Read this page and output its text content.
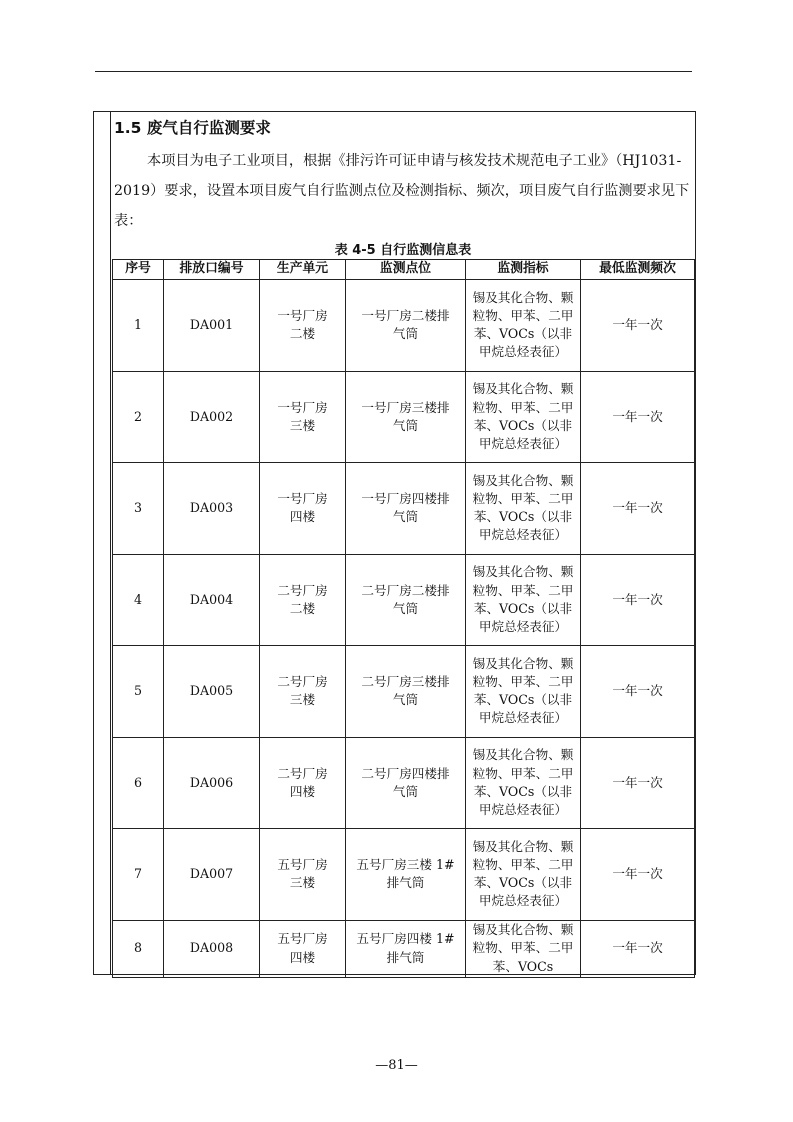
1.5 废气自行监测要求
本项目为电子工业项目，根据《排污许可证申请与核发技术规范电子工业》（HJ1031-2019）要求，设置本项目废气自行监测点位及检测指标、频次，项目废气自行监测要求见下表：
表 4-5 自行监测信息表
序号	排放口编号	生产单元	监测点位	监测指标	最低监测频次
1	DA001	一号厂房二楼	一号厂房二楼排气筒	锡及其化合物、颗粒物、甲苯、二甲苯、VOCs（以非甲烷总烃表征）	一年一次
2	DA002	一号厂房三楼	一号厂房三楼排气筒	锡及其化合物、颗粒物、甲苯、二甲苯、VOCs（以非甲烷总烃表征）	一年一次
3	DA003	一号厂房四楼	一号厂房四楼排气筒	锡及其化合物、颗粒物、甲苯、二甲苯、VOCs（以非甲烷总烃表征）	一年一次
4	DA004	二号厂房二楼	二号厂房二楼排气筒	锡及其化合物、颗粒物、甲苯、二甲苯、VOCs（以非甲烷总烃表征）	一年一次
5	DA005	二号厂房三楼	二号厂房三楼排气筒	锡及其化合物、颗粒物、甲苯、二甲苯、VOCs（以非甲烷总烃表征）	一年一次
6	DA006	二号厂房四楼	二号厂房四楼排气筒	锡及其化合物、颗粒物、甲苯、二甲苯、VOCs（以非甲烷总烃表征）	一年一次
7	DA007	五号厂房三楼	五号厂房三楼 1#排气筒	锡及其化合物、颗粒物、甲苯、二甲苯、VOCs（以非甲烷总烃表征）	一年一次
8	DA008	五号厂房四楼	五号厂房四楼 1#排气筒	锡及其化合物、颗粒物、甲苯、二甲苯、VOCs	一年一次
—81—
